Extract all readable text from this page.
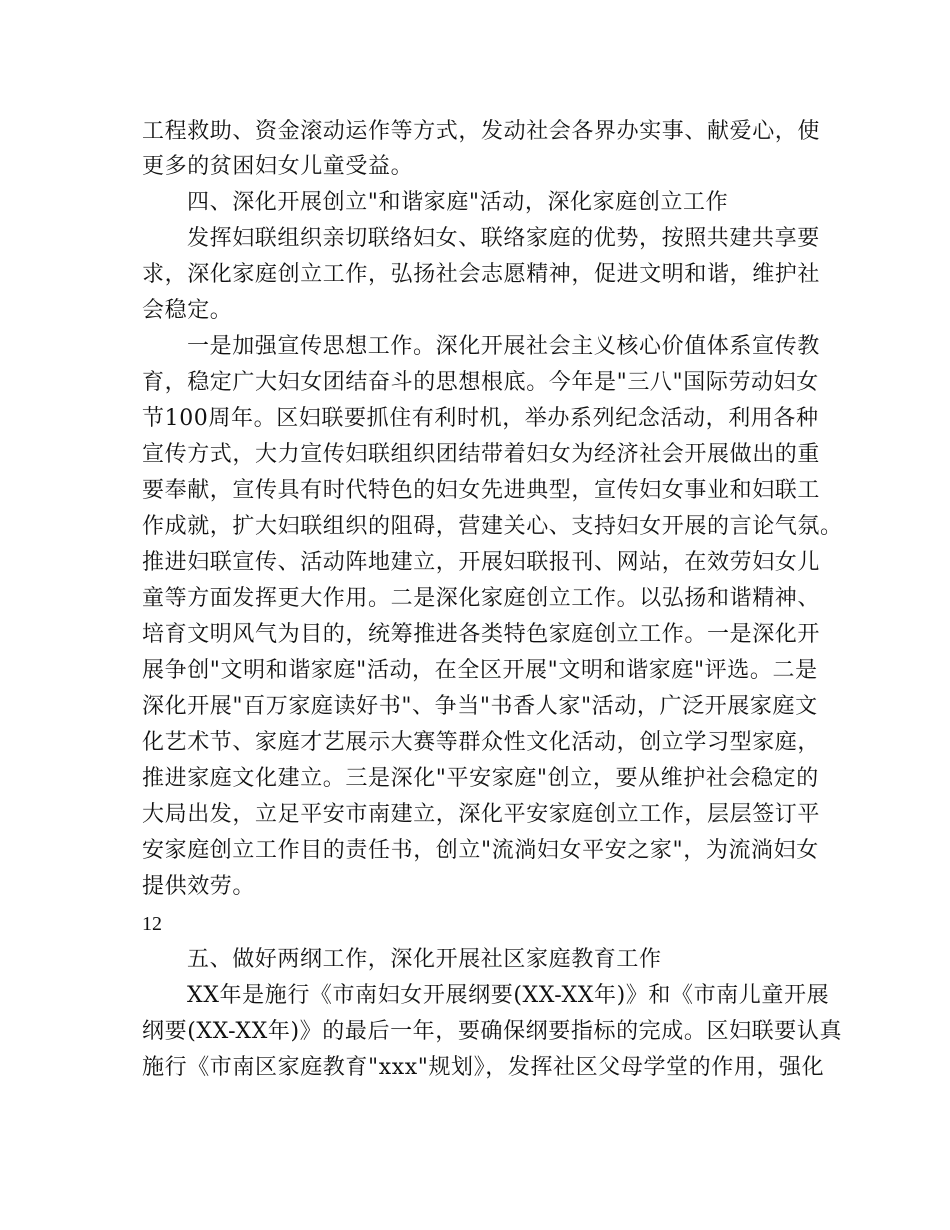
工程救助、资金滚动运作等方式，发动社会各界办实事、献爱心，使
更多的贫困妇女儿童受益。
四、深化开展创立"和谐家庭"活动，深化家庭创立工作
发挥妇联组织亲切联络妇女、联络家庭的优势，按照共建共享要
求，深化家庭创立工作，弘扬社会志愿精神，促进文明和谐，维护社
会稳定。
一是加强宣传思想工作。深化开展社会主义核心价值体系宣传教
育，稳定广大妇女团结奋斗的思想根底。今年是"三八"国际劳动妇女
节100周年。区妇联要抓住有利时机，举办系列纪念活动，利用各种
宣传方式，大力宣传妇联组织团结带着妇女为经济社会开展做出的重
要奉献，宣传具有时代特色的妇女先进典型，宣传妇女事业和妇联工
作成就，扩大妇联组织的阻碍，营建关心、支持妇女开展的言论气氛。
推进妇联宣传、活动阵地建立，开展妇联报刊、网站，在效劳妇女儿
童等方面发挥更大作用。二是深化家庭创立工作。以弘扬和谐精神、
培育文明风气为目的，统筹推进各类特色家庭创立工作。一是深化开
展争创"文明和谐家庭"活动，在全区开展"文明和谐家庭"评选。二是
深化开展"百万家庭读好书"、争当"书香人家"活动，广泛开展家庭文
化艺术节、家庭才艺展示大赛等群众性文化活动，创立学习型家庭，
推进家庭文化建立。三是深化"平安家庭"创立，要从维护社会稳定的
大局出发，立足平安市南建立，深化平安家庭创立工作，层层签订平
安家庭创立工作目的责任书，创立"流淌妇女平安之家"，为流淌妇女
提供效劳。
12
五、做好两纲工作，深化开展社区家庭教育工作
XX年是施行《市南妇女开展纲要(XX-XX年)》和《市南儿童开展
纲要(XX-XX年)》的最后一年，要确保纲要指标的完成。区妇联要认真
施行《市南区家庭教育"xxx"规划》，发挥社区父母学堂的作用，强化
